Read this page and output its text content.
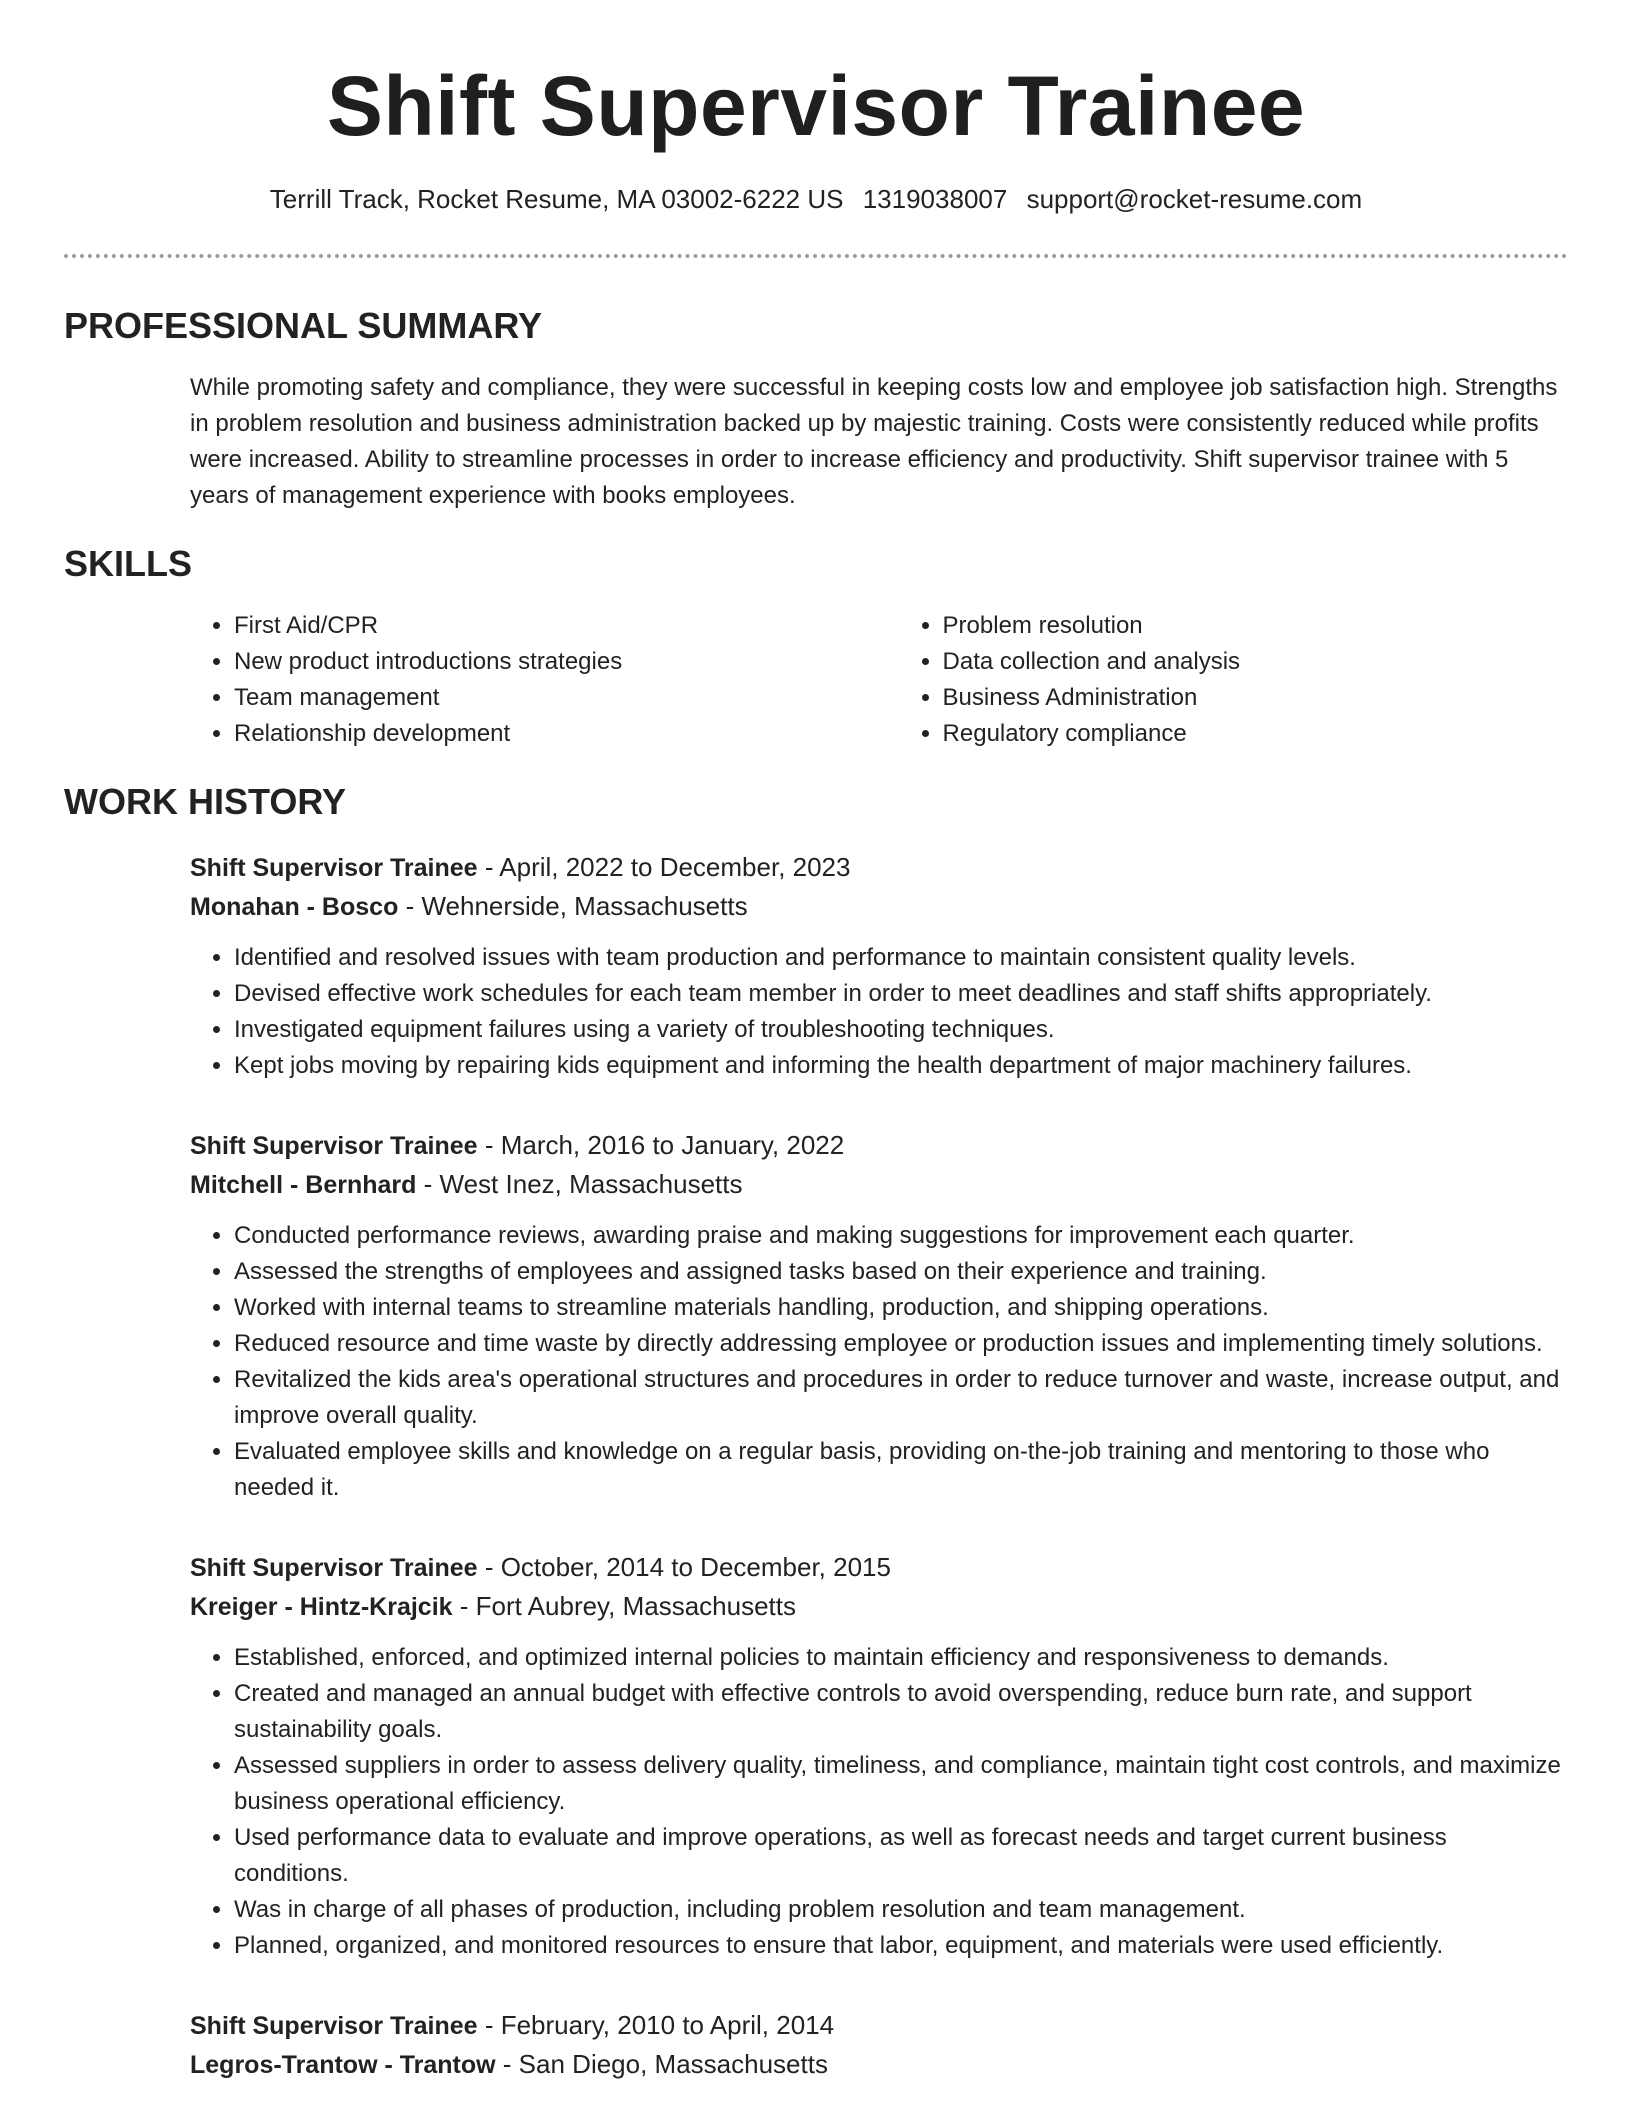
Shift Supervisor Trainee
Terrill Track, Rocket Resume, MA 03002-6222 US 1319038007 support@rocket-resume.com
PROFESSIONAL SUMMARY

While promoting safety and compliance, they were successful in keeping costs low and employee job satisfaction high. Strengths in problem resolution and business administration backed up by majestic training. Costs were consistently reduced while profits were increased. Ability to streamline processes in order to increase efficiency and productivity. Shift supervisor trainee with 5 years of management experience with books employees.

SKILLS
• First Aid/CPR
• New product introductions strategies
• Team management
• Relationship development
• Problem resolution
• Data collection and analysis
• Business Administration
• Regulatory compliance
WORK HISTORY
Shift Supervisor Trainee - April, 2022 to December, 2023
Monahan - Bosco - Wehnerside, Massachusetts
• Identified and resolved issues with team production and performance to maintain consistent quality levels.
• Devised effective work schedules for each team member in order to meet deadlines and staff shifts appropriately.
• Investigated equipment failures using a variety of troubleshooting techniques.
• Kept jobs moving by repairing kids equipment and informing the health department of major machinery failures.
Shift Supervisor Trainee - March, 2016 to January, 2022
Mitchell - Bernhard - West Inez, Massachusetts
• Conducted performance reviews, awarding praise and making suggestions for improvement each quarter.
• Assessed the strengths of employees and assigned tasks based on their experience and training.
• Worked with internal teams to streamline materials handling, production, and shipping operations.
• Reduced resource and time waste by directly addressing employee or production issues and implementing timely solutions.
• Revitalized the kids area's operational structures and procedures in order to reduce turnover and waste, increase output, and improve overall quality.
• Evaluated employee skills and knowledge on a regular basis, providing on-the-job training and mentoring to those who needed it.
Shift Supervisor Trainee - October, 2014 to December, 2015
Kreiger - Hintz-Krajcik - Fort Aubrey, Massachusetts
• Established, enforced, and optimized internal policies to maintain efficiency and responsiveness to demands.
• Created and managed an annual budget with effective controls to avoid overspending, reduce burn rate, and support sustainability goals.
• Assessed suppliers in order to assess delivery quality, timeliness, and compliance, maintain tight cost controls, and maximize business operational efficiency.
• Used performance data to evaluate and improve operations, as well as forecast needs and target current business conditions.
• Was in charge of all phases of production, including problem resolution and team management.
• Planned, organized, and monitored resources to ensure that labor, equipment, and materials were used efficiently.
Shift Supervisor Trainee - February, 2010 to April, 2014
Legros-Trantow - Trantow - San Diego, Massachusetts
